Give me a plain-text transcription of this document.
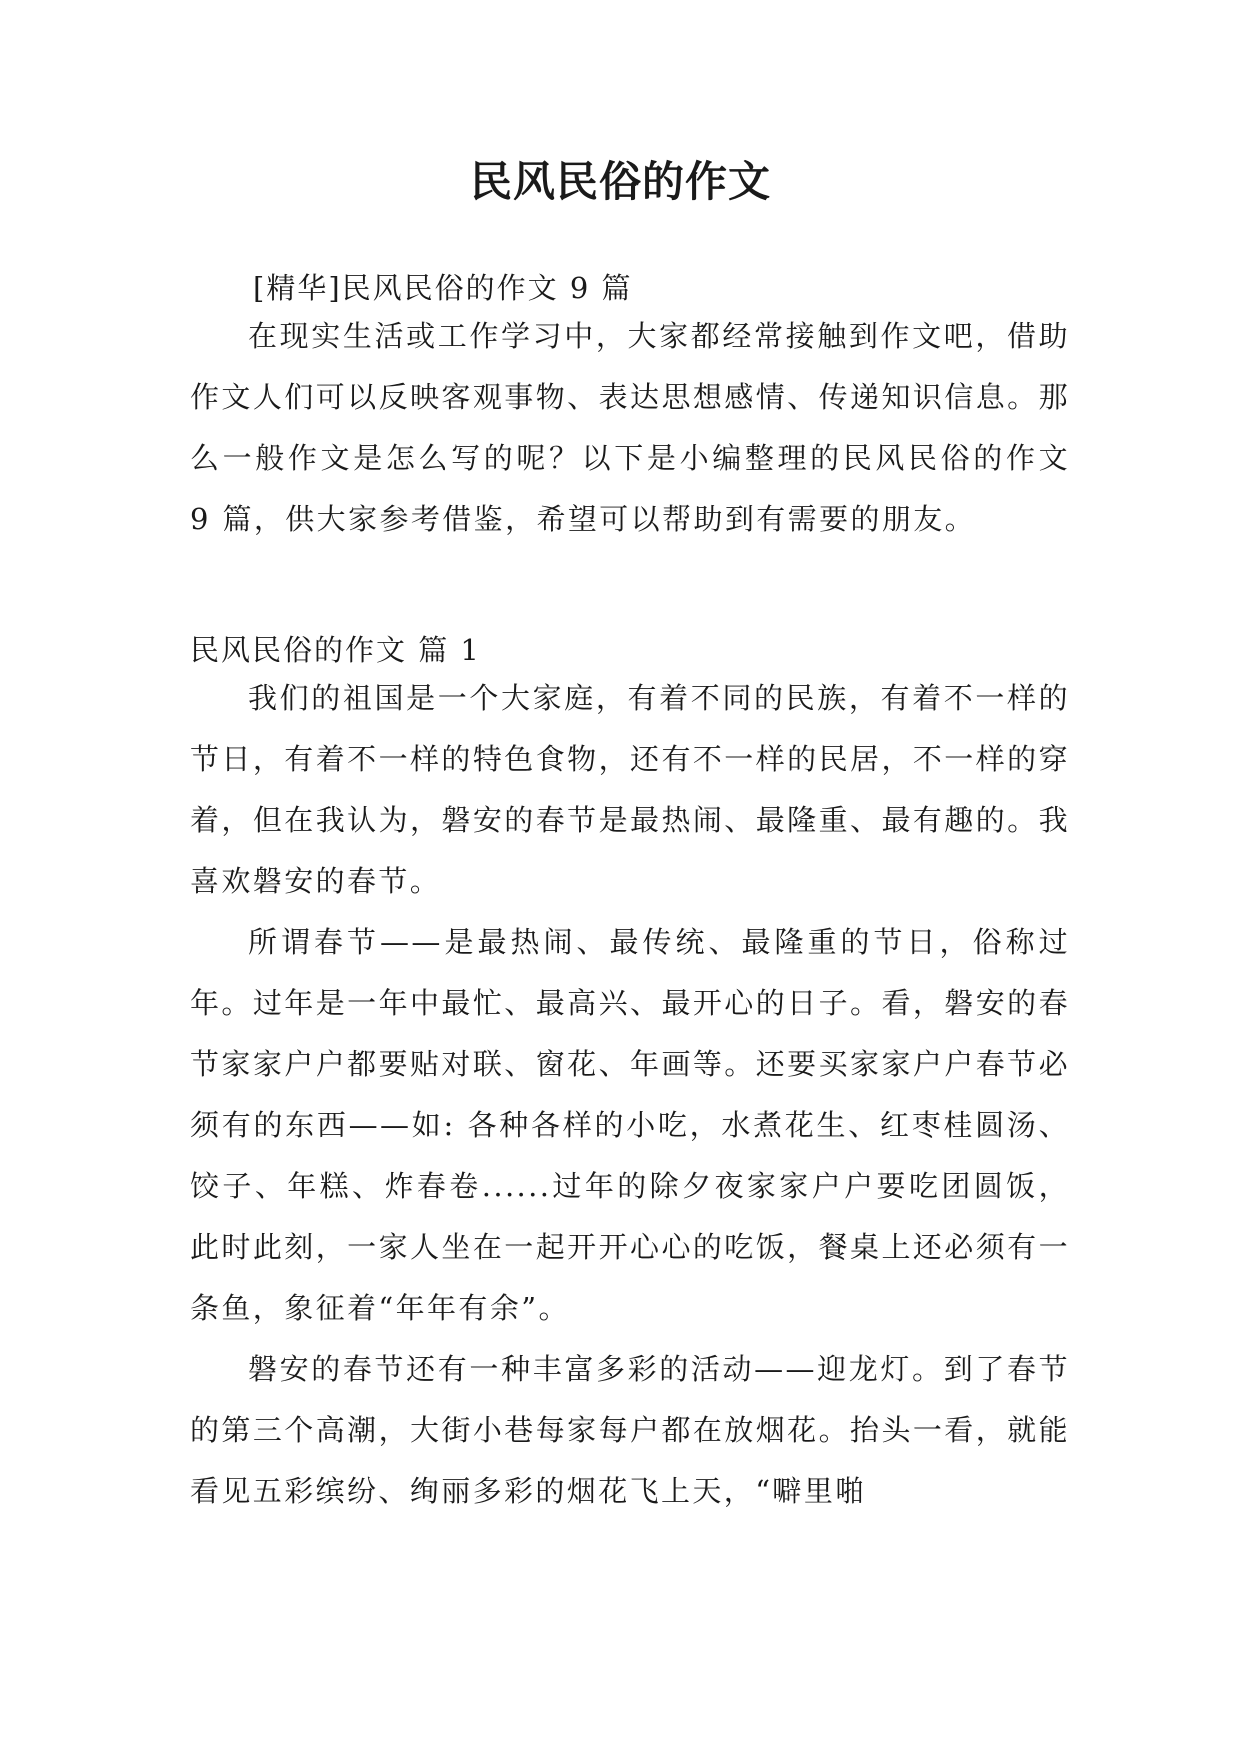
民风民俗的作文
[精华]民风民俗的作文 9 篇

在现实生活或工作学习中，大家都经常接触到作文吧，借助作文人们可以反映客观事物、表达思想感情、传递知识信息。那么一般作文是怎么写的呢？以下是小编整理的民风民俗的作文 9 篇，供大家参考借鉴，希望可以帮助到有需要的朋友。

民风民俗的作文 篇 1

我们的祖国是一个大家庭，有着不同的民族，有着不一样的节日，有着不一样的特色食物，还有不一样的民居，不一样的穿着，但在我认为，磐安的春节是最热闹、最隆重、最有趣的。我喜欢磐安的春节。

所谓春节——是最热闹、最传统、最隆重的节日，俗称过年。过年是一年中最忙、最高兴、最开心的日子。看，磐安的春节家家户户都要贴对联、窗花、年画等。还要买家家户户春节必须有的东西——如: 各种各样的小吃，水煮花生、红枣桂圆汤、饺子、年糕、炸春卷......过年的除夕夜家家户户要吃团圆饭，此时此刻，一家人坐在一起开开心心的吃饭，餐桌上还必须有一条鱼，象征着“年年有余”。

磐安的春节还有一种丰富多彩的活动——迎龙灯。到了春节的第三个高潮，大街小巷每家每户都在放烟花。抬头一看，就能看见五彩缤纷、绚丽多彩的烟花飞上天，“噼里啪
